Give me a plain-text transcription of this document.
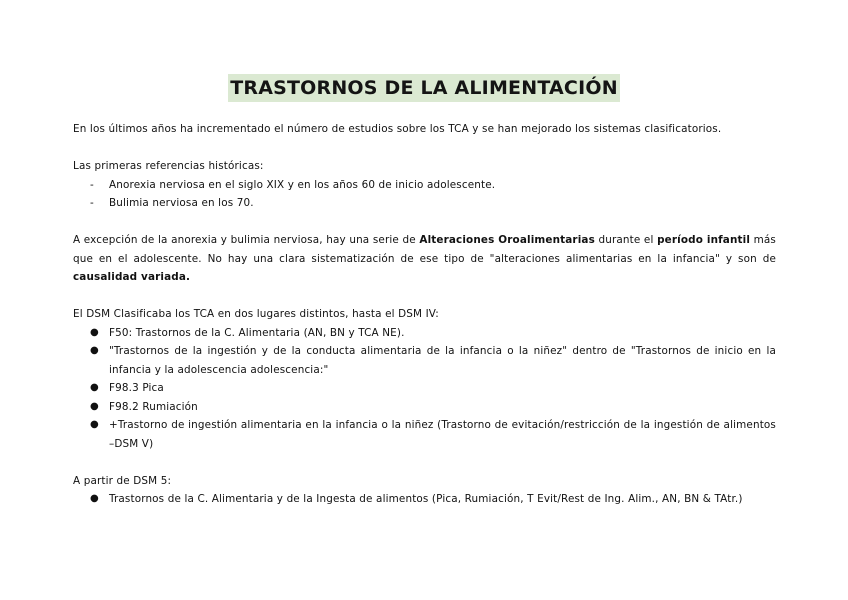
TRASTORNOS DE LA ALIMENTACIÓN

En los últimos años ha incrementado el número de estudios sobre los TCA y se han mejorado los sistemas clasificatorios.

Las primeras referencias históricas:

- Anorexia nerviosa en el siglo XIX y en los años 60 de inicio adolescente.
- Bulimia nerviosa en los 70.

A excepción de la anorexia y bulimia nerviosa, hay una serie de Alteraciones Oroalimentarias durante el período infantil más que en el adolescente. No hay una clara sistematización de ese tipo de "alteraciones alimentarias en la infancia" y son de causalidad variada.

El DSM Clasificaba los TCA en dos lugares distintos, hasta el DSM IV:

● F50: Trastornos de la C. Alimentaria (AN, BN y TCA NE).
● "Trastornos de la ingestión y de la conducta alimentaria de la infancia o la niñez" dentro de "Trastornos de inicio en la infancia y la adolescencia adolescencia:"
● F98.3 Pica
● F98.2 Rumiación
● +Trastorno de ingestión alimentaria en la infancia o la niñez (Trastorno de evitación/restricción de la ingestión de alimentos –DSM V)

A partir de DSM 5:

● Trastornos de la C. Alimentaria y de la Ingesta de alimentos (Pica, Rumiación, T Evit/Rest de Ing. Alim., AN, BN & TAtr.)
